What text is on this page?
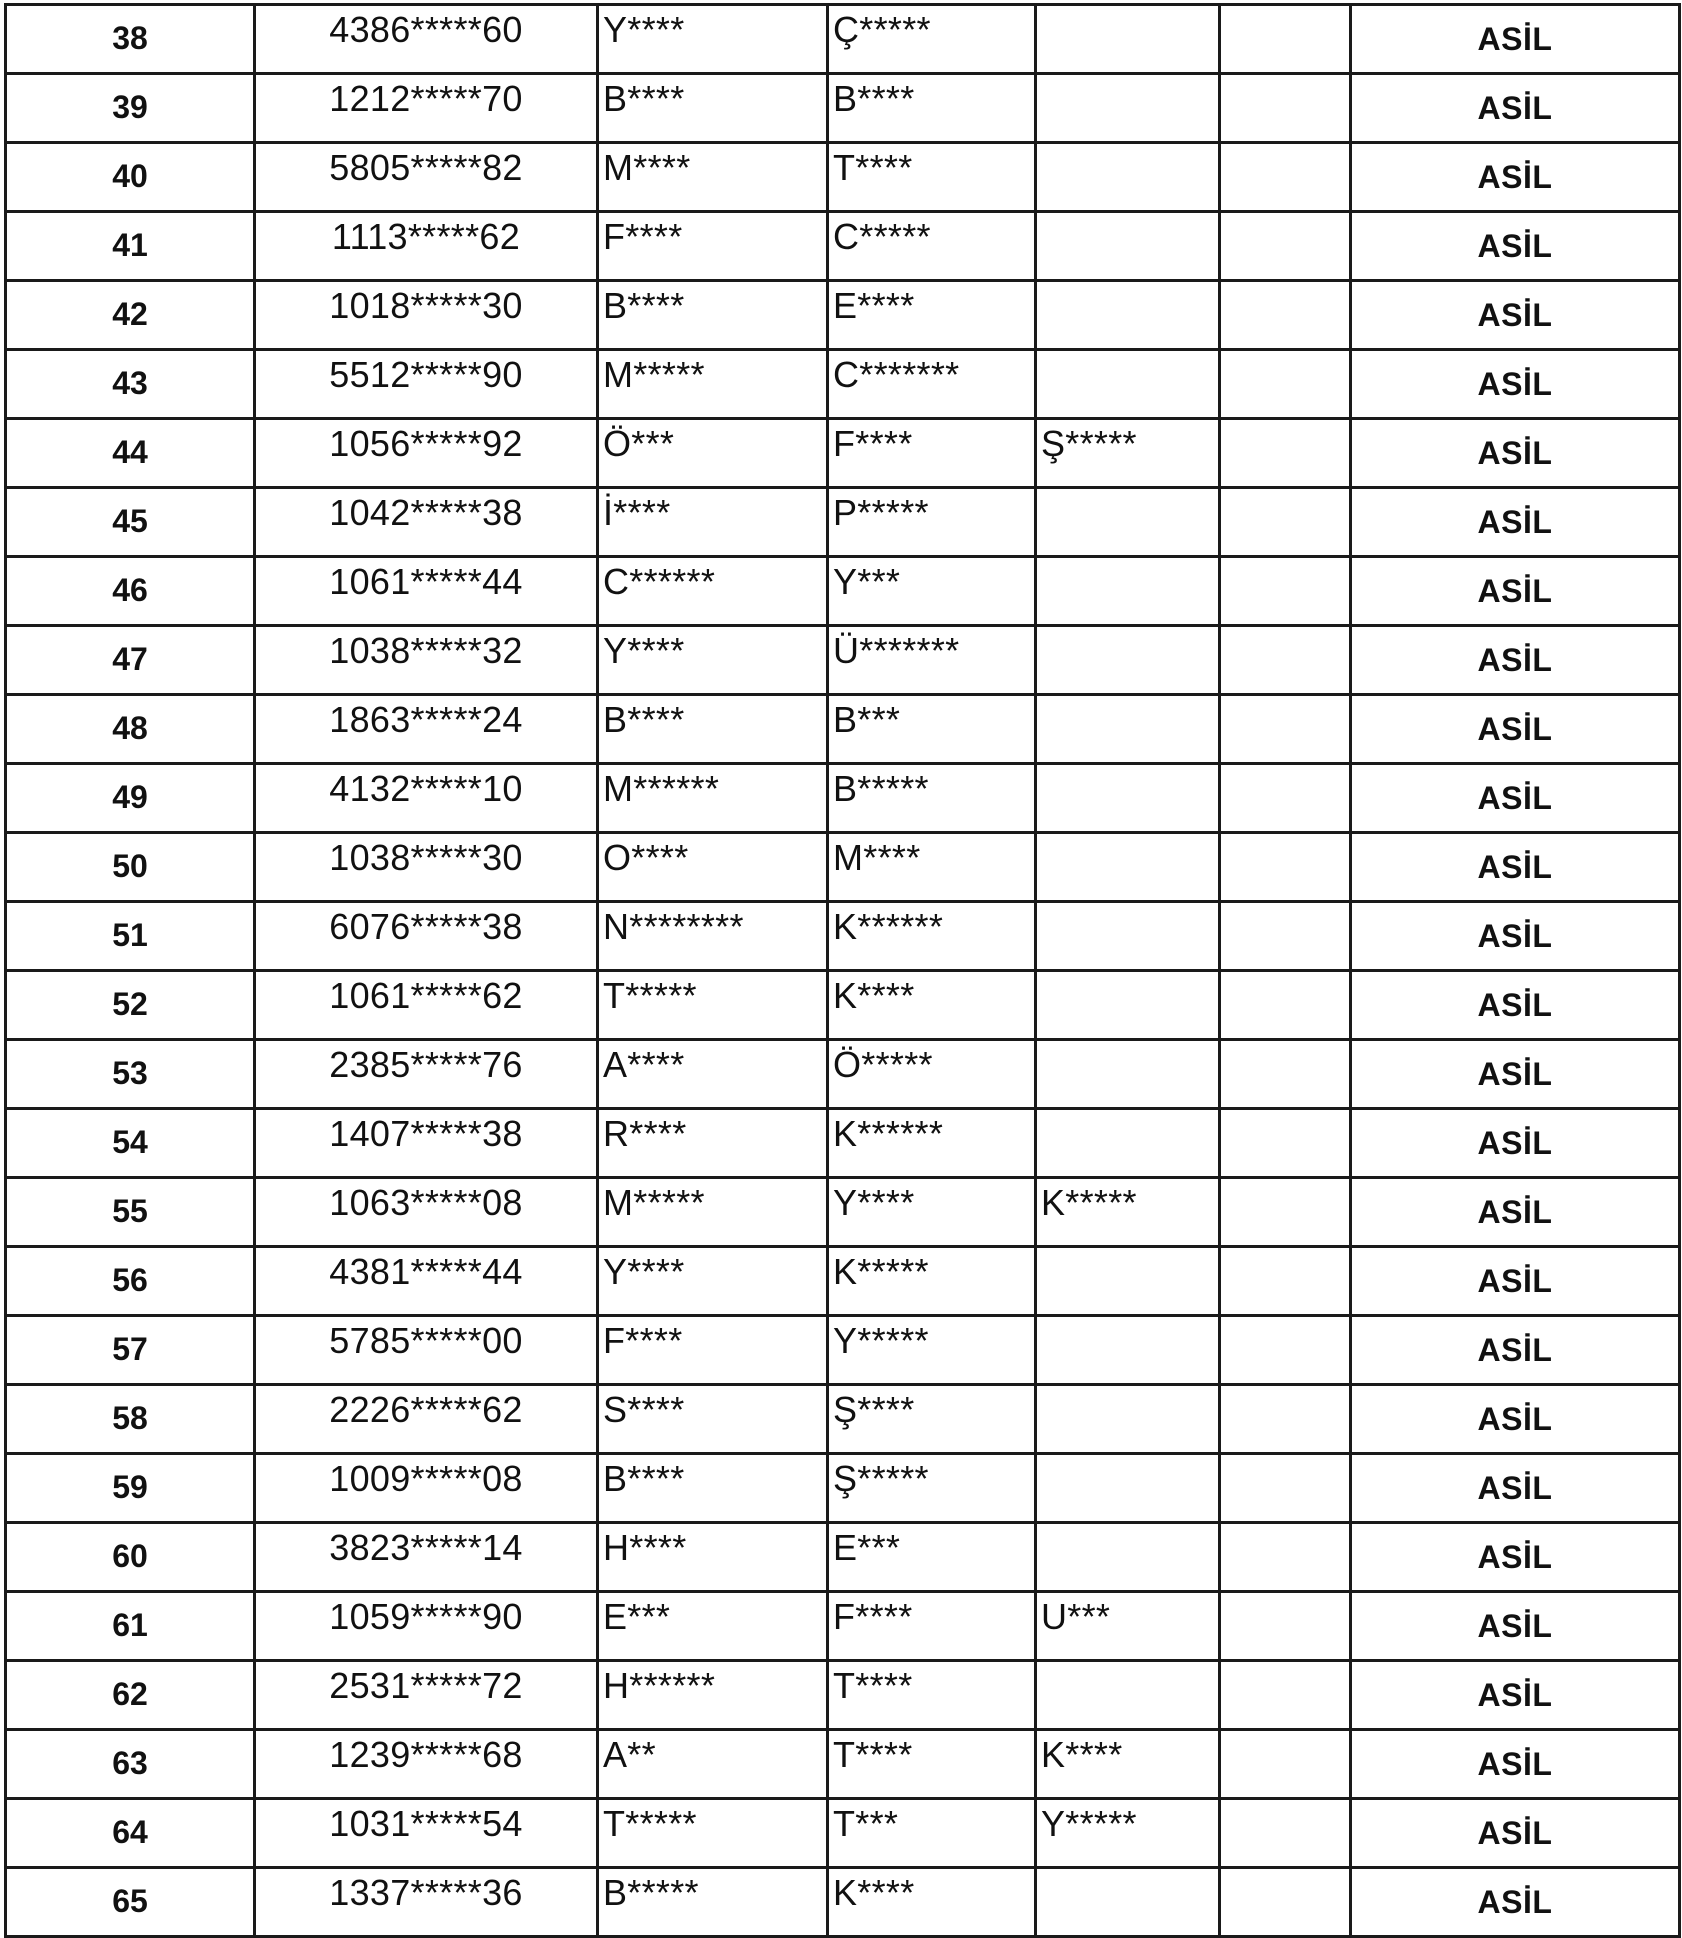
38	4386*****60	Y****	Ç*****			ASİL
39	1212*****70	B****	B****			ASİL
40	5805*****82	M****	T****			ASİL
41	1113*****62	F****	C*****			ASİL
42	1018*****30	B****	E****			ASİL
43	5512*****90	M*****	C*******			ASİL
44	1056*****92	Ö***	F****	Ş*****		ASİL
45	1042*****38	İ****	P*****			ASİL
46	1061*****44	C******	Y***			ASİL
47	1038*****32	Y****	Ü*******			ASİL
48	1863*****24	B****	B***			ASİL
49	4132*****10	M******	B*****			ASİL
50	1038*****30	O****	M****			ASİL
51	6076*****38	N********	K******			ASİL
52	1061*****62	T*****	K****			ASİL
53	2385*****76	A****	Ö*****			ASİL
54	1407*****38	R****	K******			ASİL
55	1063*****08	M*****	Y****	K*****		ASİL
56	4381*****44	Y****	K*****			ASİL
57	5785*****00	F****	Y*****			ASİL
58	2226*****62	S****	Ş****			ASİL
59	1009*****08	B****	Ş*****			ASİL
60	3823*****14	H****	E***			ASİL
61	1059*****90	E***	F****	U***		ASİL
62	2531*****72	H******	T****			ASİL
63	1239*****68	A**	T****	K****		ASİL
64	1031*****54	T*****	T***	Y*****		ASİL
65	1337*****36	B*****	K****			ASİL
